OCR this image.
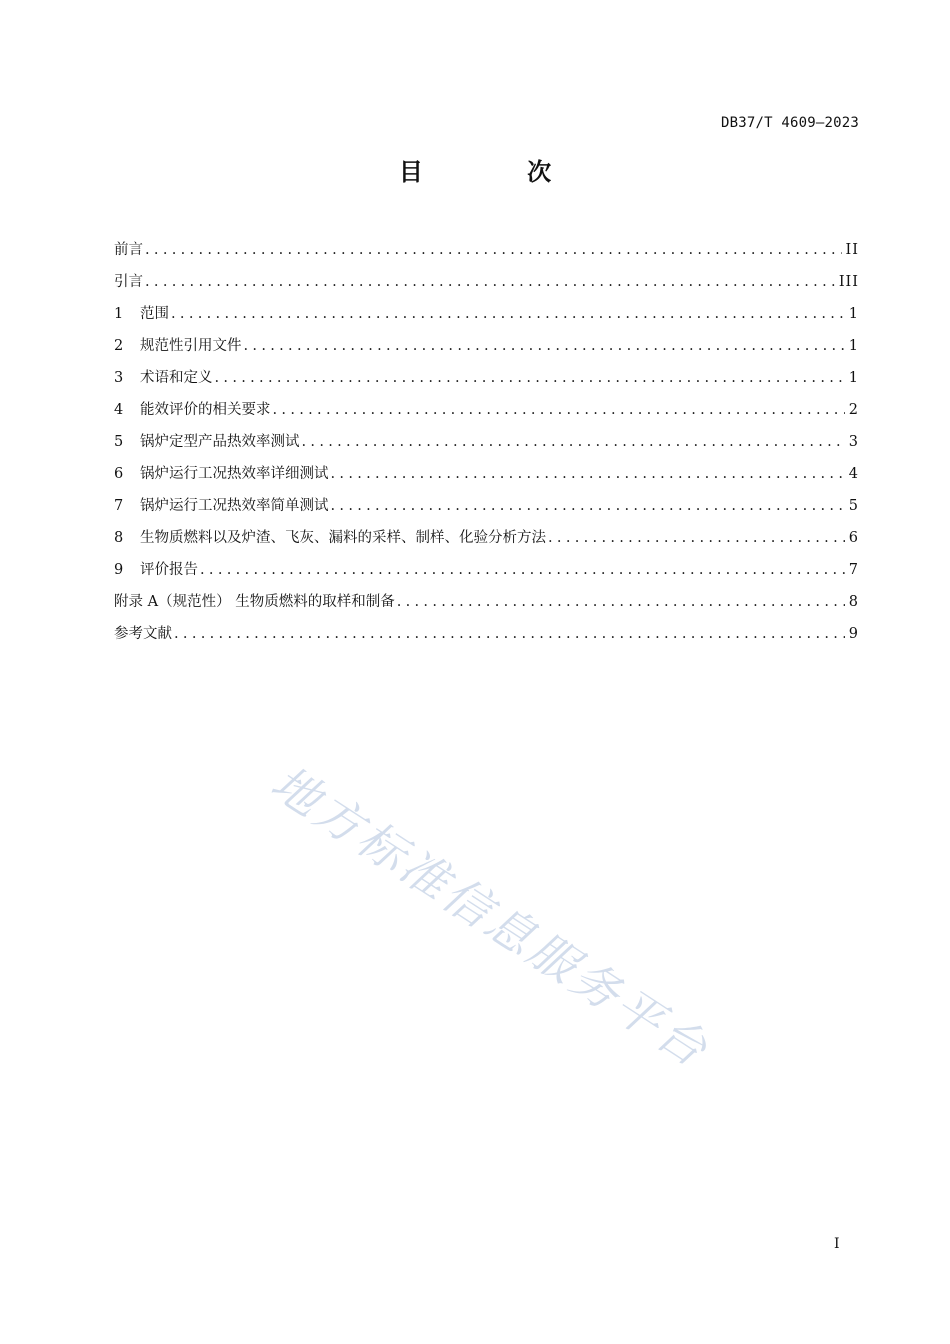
DB37/T 4609—2023
目 次
前言 .....	II
引言 .....	III
1	范围 .....	1
2	规范性引用文件 .....	1
3	术语和定义 .....	1
4	能效评价的相关要求 .....	2
5	锅炉定型产品热效率测试 .....	3
6	锅炉运行工况热效率详细测试 .....	4
7	锅炉运行工况热效率简单测试 .....	5
8	生物质燃料以及炉渣、飞灰、漏料的采样、制样、化验分析方法 .....	6
9	评价报告 .....	7
附录 A（规范性） 生物质燃料的取样和制备 .....	8
参考文献 .....	9
地方标准信息服务平台
I
